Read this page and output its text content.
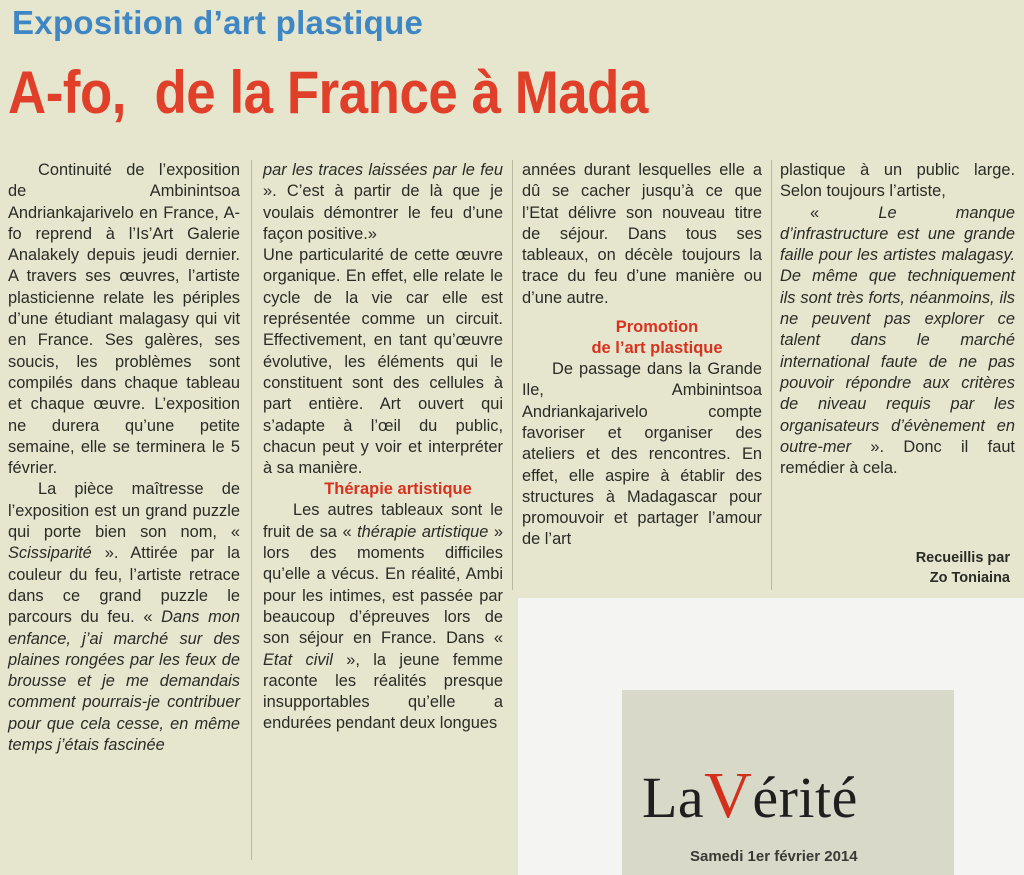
Exposition d’art plastique
A-fo,  de la France à Mada

Continuité de l’exposition de Ambinintsoa Andriankajarivelo en France, A-fo reprend à l’Is’Art Galerie Analakely depuis jeudi dernier. A travers ses œuvres, l’artiste plasticienne relate les périples d’une étudiant malagasy qui vit en France. Ses galères, ses soucis, les problèmes sont compilés dans chaque tableau et chaque œuvre. L’exposition ne durera qu’une petite semaine, elle se terminera le 5 février.

La pièce maîtresse de l’exposition est un grand puzzle qui porte bien son nom, « Scissiparité ». Attirée par la couleur du feu, l’artiste retrace dans ce grand puzzle le parcours du feu. « Dans mon enfance, j’ai marché sur des plaines rongées par les feux de brousse et je me demandais comment pourrais-je contribuer pour que cela cesse, en même temps j’étais fascinée

par les traces laissées par le feu ». C’est à partir de là que je voulais démontrer le feu d’une façon positive.»

Une particularité de cette œuvre organique. En effet, elle relate le cycle de la vie car elle est représentée comme un circuit. Effectivement, en tant qu’œuvre évolutive, les éléments qui le constituent sont des cellules à part entière. Art ouvert qui s’adapte à l’œil du public, chacun peut y voir et interpréter à sa manière.

Thérapie artistique

Les autres tableaux sont le fruit de sa « thérapie artistique » lors des moments difficiles qu’elle a vécus. En réalité, Ambi pour les intimes, est passée par beaucoup d’épreuves lors de son séjour en France. Dans « Etat civil », la jeune femme raconte les réalités presque insupportables qu’elle a endurées pendant deux longues

années durant lesquelles elle a dû se cacher jusqu’à ce que l’Etat délivre son nouveau titre de séjour. Dans tous ses tableaux, on décèle toujours la trace du feu d’une manière ou d’une autre.

Promotion

de l’art plastique

De passage dans la Grande Ile, Ambinintsoa Andriankajarivelo compte favoriser et organiser des ateliers et des rencontres. En effet, elle aspire à établir des structures à Madagascar pour promouvoir et partager l’amour de l’art

plastique à un public large. Selon toujours l’artiste,

« Le manque d’infrastructure est une grande faille pour les artistes malagasy. De même que techniquement ils sont très forts, néanmoins, ils ne peuvent pas explorer ce talent dans le marché international faute de ne pas pouvoir répondre aux critères de niveau requis par les organisateurs d’évènement en outre-mer ». Donc il faut remédier à cela.

Recueillis par
Zo Toniaina
LaVérité
Samedi 1er février 2014
